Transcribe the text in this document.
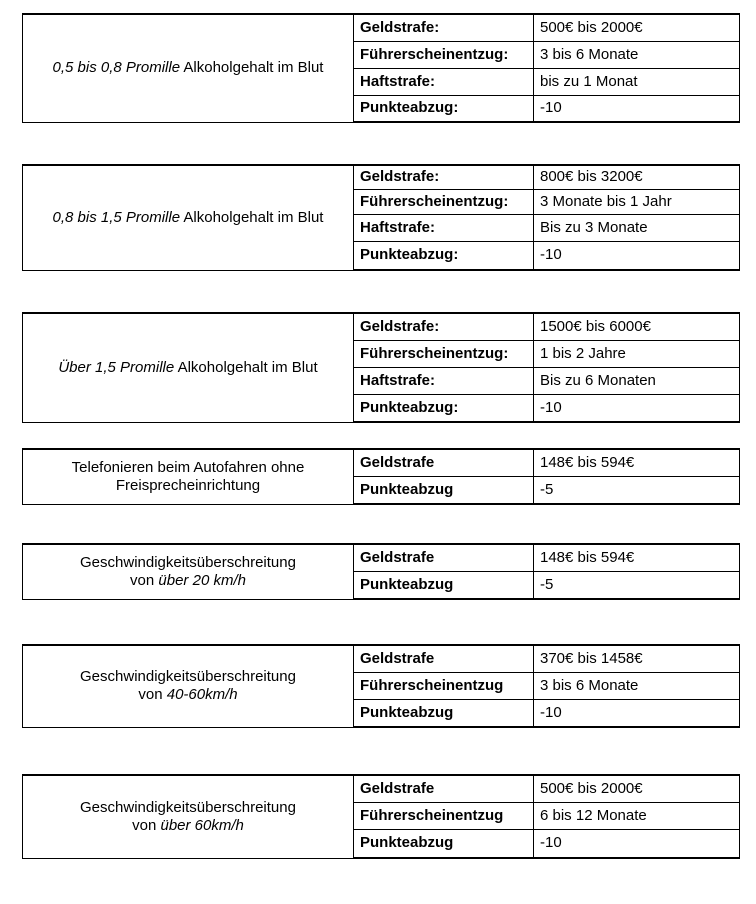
0,5 bis 0,8 Promille Alkoholgehalt im Blut	Geldstrafe:	500€ bis 2000€
	Führerscheinentzug:	3 bis 6 Monate
	Haftstrafe:	bis zu 1 Monat
	Punkteabzug:	-10
0,8 bis 1,5 Promille Alkoholgehalt im Blut	Geldstrafe:	800€ bis 3200€
	Führerscheinentzug:	3 Monate bis 1 Jahr
	Haftstrafe:	Bis zu 3 Monate
	Punkteabzug:	-10
Über 1,5 Promille Alkoholgehalt im Blut	Geldstrafe:	1500€ bis 6000€
	Führerscheinentzug:	1 bis 2 Jahre
	Haftstrafe:	Bis zu 6 Monaten
	Punkteabzug:	-10
Telefonieren beim Autofahren ohne
Freisprecheinrichtung	Geldstrafe	148€ bis 594€
	Punkteabzug	-5
Geschwindigkeitsüberschreitung
von über 20 km/h	Geldstrafe	148€ bis 594€
	Punkteabzug	-5
Geschwindigkeitsüberschreitung
von 40-60km/h	Geldstrafe	370€ bis 1458€
	Führerscheinentzug	3 bis 6 Monate
	Punkteabzug	-10
Geschwindigkeitsüberschreitung
von über 60km/h	Geldstrafe	500€ bis 2000€
	Führerscheinentzug	6 bis 12 Monate
	Punkteabzug	-10
